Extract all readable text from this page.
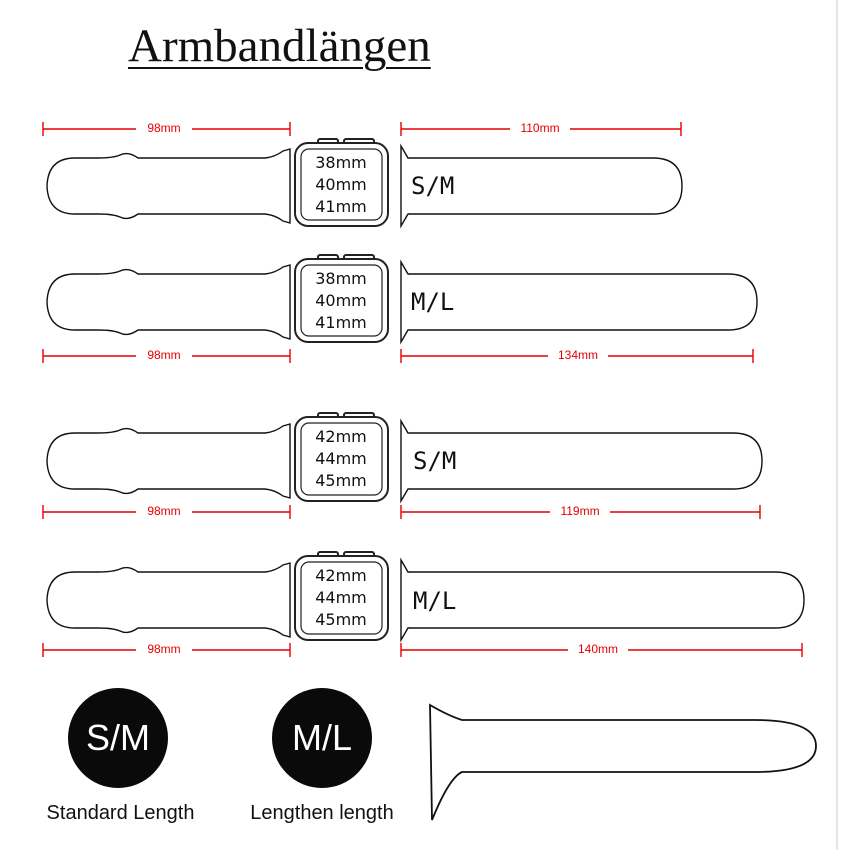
Armbandlängen
98mm	110mm
38mm
40mm
41mm
S/M
38mm
40mm
41mm
M/L
98mm	134mm
42mm
44mm
45mm
S/M
98mm	119mm
42mm
44mm
45mm
M/L
98mm	140mm
S/M
Standard Length
M/L
Lengthen length
